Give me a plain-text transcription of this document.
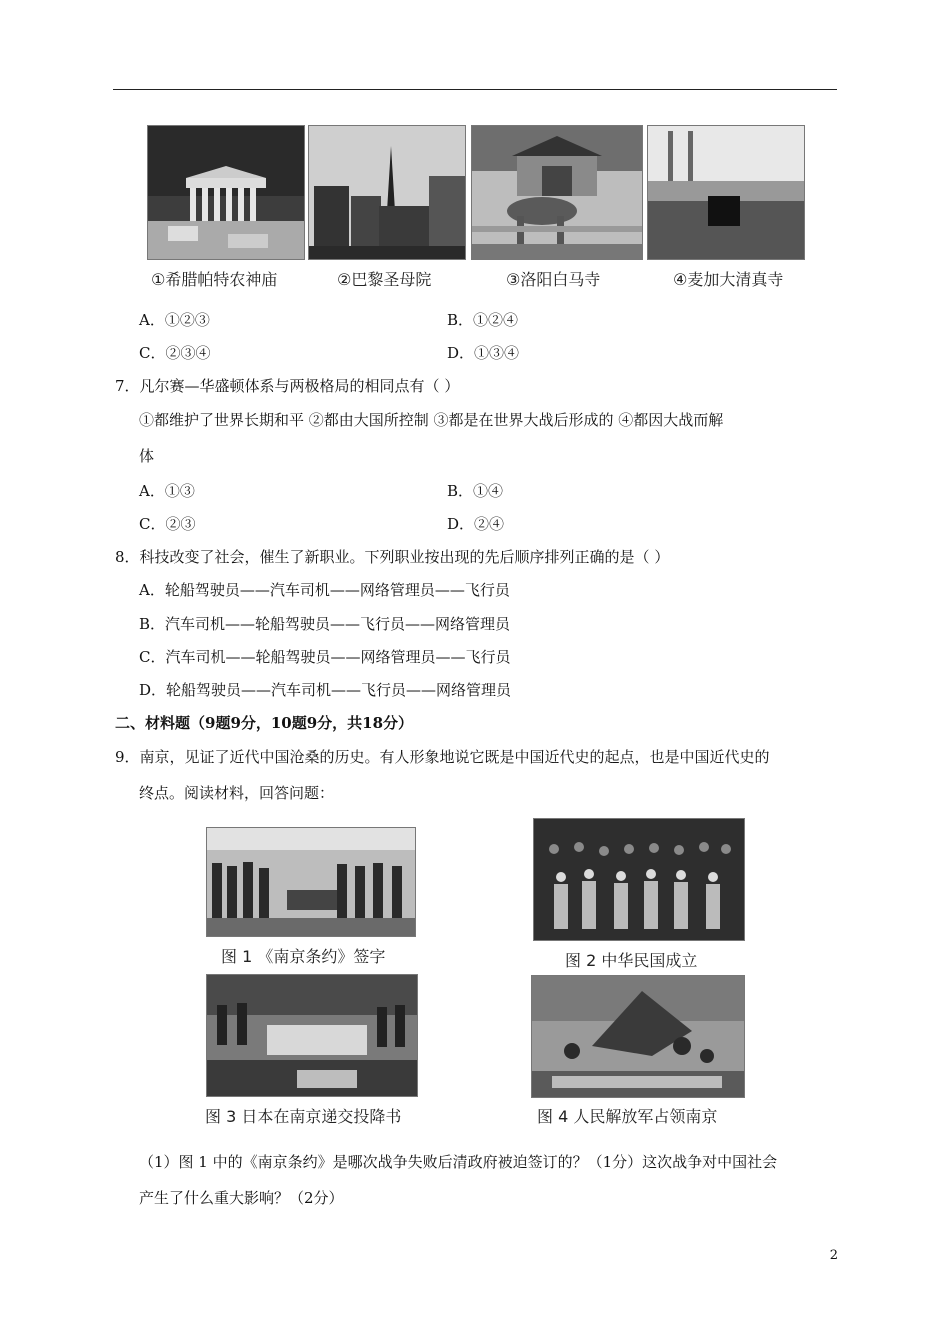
①希腊帕特农神庙	②巴黎圣母院	③洛阳白马寺	④麦加大清真寺
A．①②③	B．①②④
C．②③④	D．①③④
7．凡尔赛—华盛顿体系与两极格局的相同点有（ ）
①都维护了世界长期和平 ②都由大国所控制 ③都是在世界大战后形成的 ④都因大战而解
体
A．①③	B．①④
C．②③	D．②④
8．科技改变了社会，催生了新职业。下列职业按出现的先后顺序排列正确的是（ ）
A．轮船驾驶员——汽车司机——网络管理员——飞行员
B．汽车司机——轮船驾驶员——飞行员——网络管理员
C．汽车司机——轮船驾驶员——网络管理员——飞行员
D．轮船驾驶员——汽车司机——飞行员——网络管理员
二、材料题（9题9分，10题9分，共18分）
9．南京，见证了近代中国沧桑的历史。有人形象地说它既是中国近代史的起点，也是中国近代史的
终点。阅读材料，回答问题：
图 1 《南京条约》签字	图 2 中华民国成立
图 3 日本在南京递交投降书	图 4 人民解放军占领南京
（1）图 1 中的《南京条约》是哪次战争失败后清政府被迫签订的？（1分）这次战争对中国社会
产生了什么重大影响？（2分）
2
